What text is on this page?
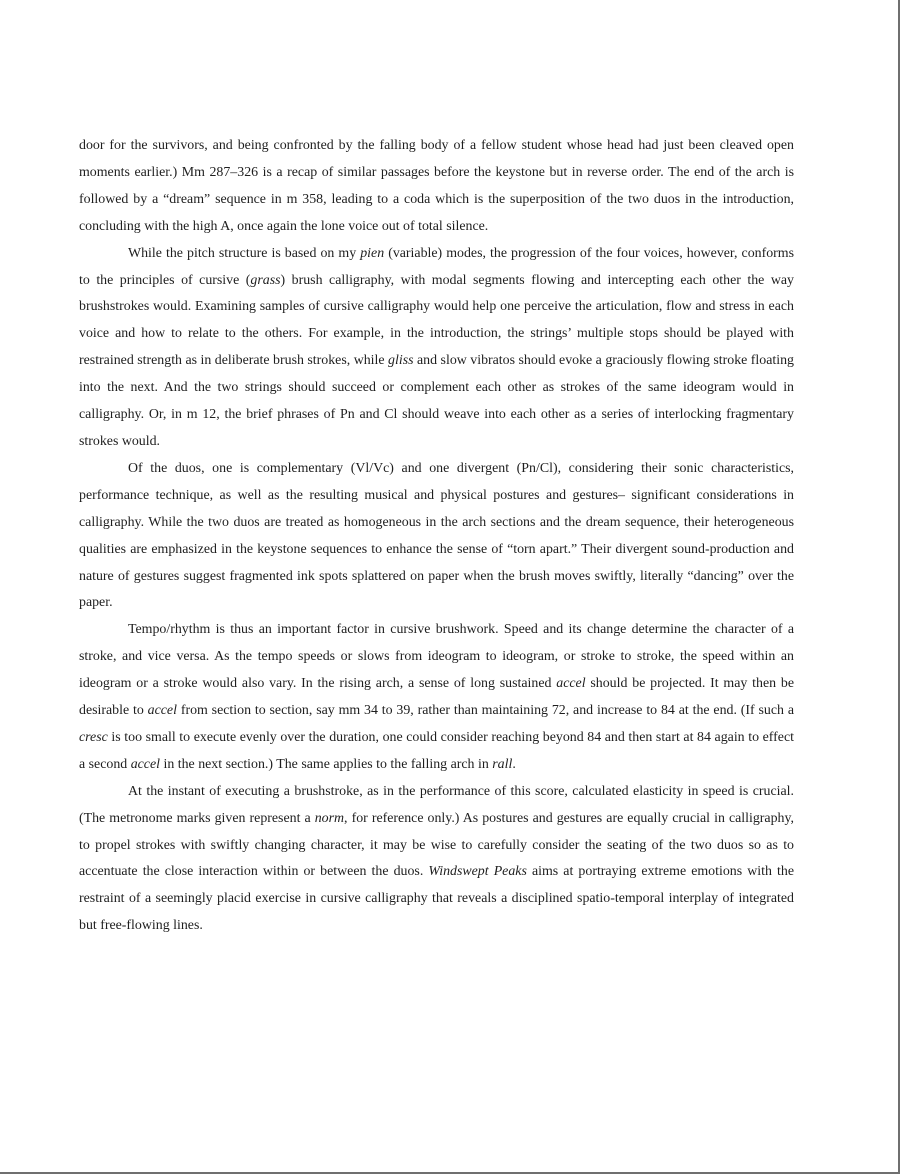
door for the survivors, and being confronted by the falling body of a fellow student whose head had just been cleaved open moments earlier.) Mm 287–326 is a recap of similar passages before the keystone but in reverse order. The end of the arch is followed by a “dream” sequence in m 358, leading to a coda which is the superposition of the two duos in the introduction, concluding with the high A, once again the lone voice out of total silence.

While the pitch structure is based on my pien (variable) modes, the progression of the four voices, however, conforms to the principles of cursive (grass) brush calligraphy, with modal segments flowing and intercepting each other the way brushstrokes would. Examining samples of cursive calligraphy would help one perceive the articulation, flow and stress in each voice and how to relate to the others. For example, in the introduction, the strings’ multiple stops should be played with restrained strength as in deliberate brush strokes, while gliss and slow vibratos should evoke a graciously flowing stroke floating into the next. And the two strings should succeed or complement each other as strokes of the same ideogram would in calligraphy. Or, in m 12, the brief phrases of Pn and Cl should weave into each other as a series of interlocking fragmentary strokes would.

Of the duos, one is complementary (Vl/Vc) and one divergent (Pn/Cl), considering their sonic characteristics, performance technique, as well as the resulting musical and physical postures and gestures– significant considerations in calligraphy. While the two duos are treated as homogeneous in the arch sections and the dream sequence, their heterogeneous qualities are emphasized in the keystone sequences to enhance the sense of “torn apart.” Their divergent sound-production and nature of gestures suggest fragmented ink spots splattered on paper when the brush moves swiftly, literally “dancing” over the paper.

Tempo/rhythm is thus an important factor in cursive brushwork. Speed and its change determine the character of a stroke, and vice versa. As the tempo speeds or slows from ideogram to ideogram, or stroke to stroke, the speed within an ideogram or a stroke would also vary. In the rising arch, a sense of long sustained accel should be projected. It may then be desirable to accel from section to section, say mm 34 to 39, rather than maintaining 72, and increase to 84 at the end. (If such a cresc is too small to execute evenly over the duration, one could consider reaching beyond 84 and then start at 84 again to effect a second accel in the next section.) The same applies to the falling arch in rall.

At the instant of executing a brushstroke, as in the performance of this score, calculated elasticity in speed is crucial. (The metronome marks given represent a norm, for reference only.) As postures and gestures are equally crucial in calligraphy, to propel strokes with swiftly changing character, it may be wise to carefully consider the seating of the two duos so as to accentuate the close interaction within or between the duos. Windswept Peaks aims at portraying extreme emotions with the restraint of a seemingly placid exercise in cursive calligraphy that reveals a disciplined spatio-temporal interplay of integrated but free-flowing lines.
